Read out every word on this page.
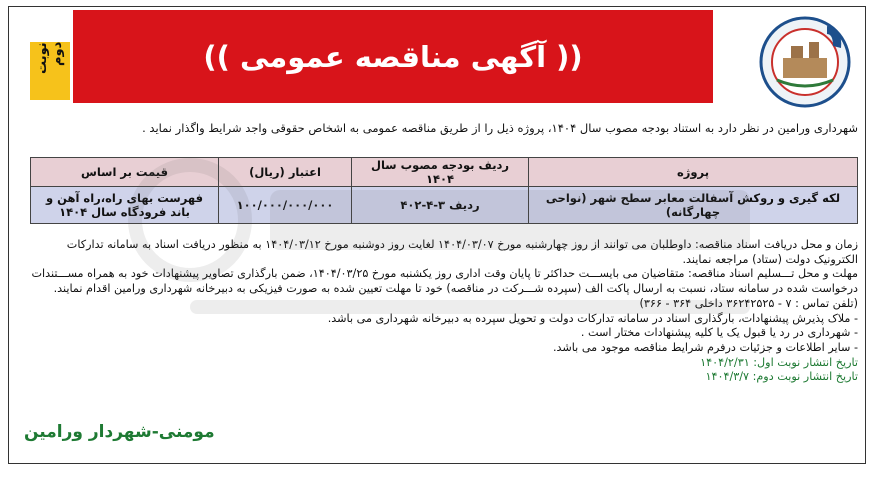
نوبت دوم	(( آگهی مناقصه عمومی ))
شهرداری ورامین در نظر دارد به استناد بودجه مصوب سال ۱۴۰۴، پروژه ذیل را از طریق مناقصه عمومی به اشخاص حقوقی واجد شرایط واگذار نماید .
پروژه	ردیف بودجه مصوب سال ۱۴۰۴	اعتبار (ریال)	قیمت بر اساس
لکه گیری و روکش آسفالت معابر سطح شهر (نواحی چهارگانه)	ردیف ۳-۴-۴۰۲	۱۰۰/۰۰۰/۰۰۰/۰۰۰	فهرست بهای راه،راه آهن و باند فرودگاه سال ۱۴۰۴

زمان و محل دریافت اسناد مناقصه: داوطلبان می توانند از روز چهارشنبه مورخ ۱۴۰۴/۰۳/۰۷ لغایت روز دوشنبه مورخ ۱۴۰۴/۰۳/۱۲ به منظور دریافت اسناد به سامانه تدارکات الکترونیک دولت (ستاد) مراجعه نمایند.

مهلت و محل تـــسلیم اسناد مناقصه: متقاضیان می بایســـت حداکثر تا پایان وقت اداری روز یکشنبه مورخ ۱۴۰۴/۰۳/۲۵، ضمن بارگذاری تصاویر پیشنهادات خود به همراه مســـتندات درخواست شده در سامانه ستاد، نسبت به ارسال پاکت الف (سپرده شـــرکت در مناقصه) خود تا مهلت تعیین شده به صورت فیزیکی به دبیرخانه شهرداری ورامین اقدام نمایند.

(تلفن تماس : ۷ - ۳۶۲۴۲۵۲۵ داخلی ۳۶۴ - ۳۶۶)

- ملاک پذیرش پیشنهادات، بارگذاری اسناد در سامانه تدارکات دولت و تحویل سپرده به دبیرخانه شهرداری می باشد.

- شهرداری در رد یا قبول یک یا کلیه پیشنهادات مختار است .

- سایر اطلاعات و جزئیات درفرم شرایط مناقصه موجود می باشد.

تاریخ انتشار نوبت اول: ۱۴۰۴/۲/۳۱

تاریخ انتشار نوبت دوم: ۱۴۰۴/۳/۷

مومنی-شهردار ورامین
